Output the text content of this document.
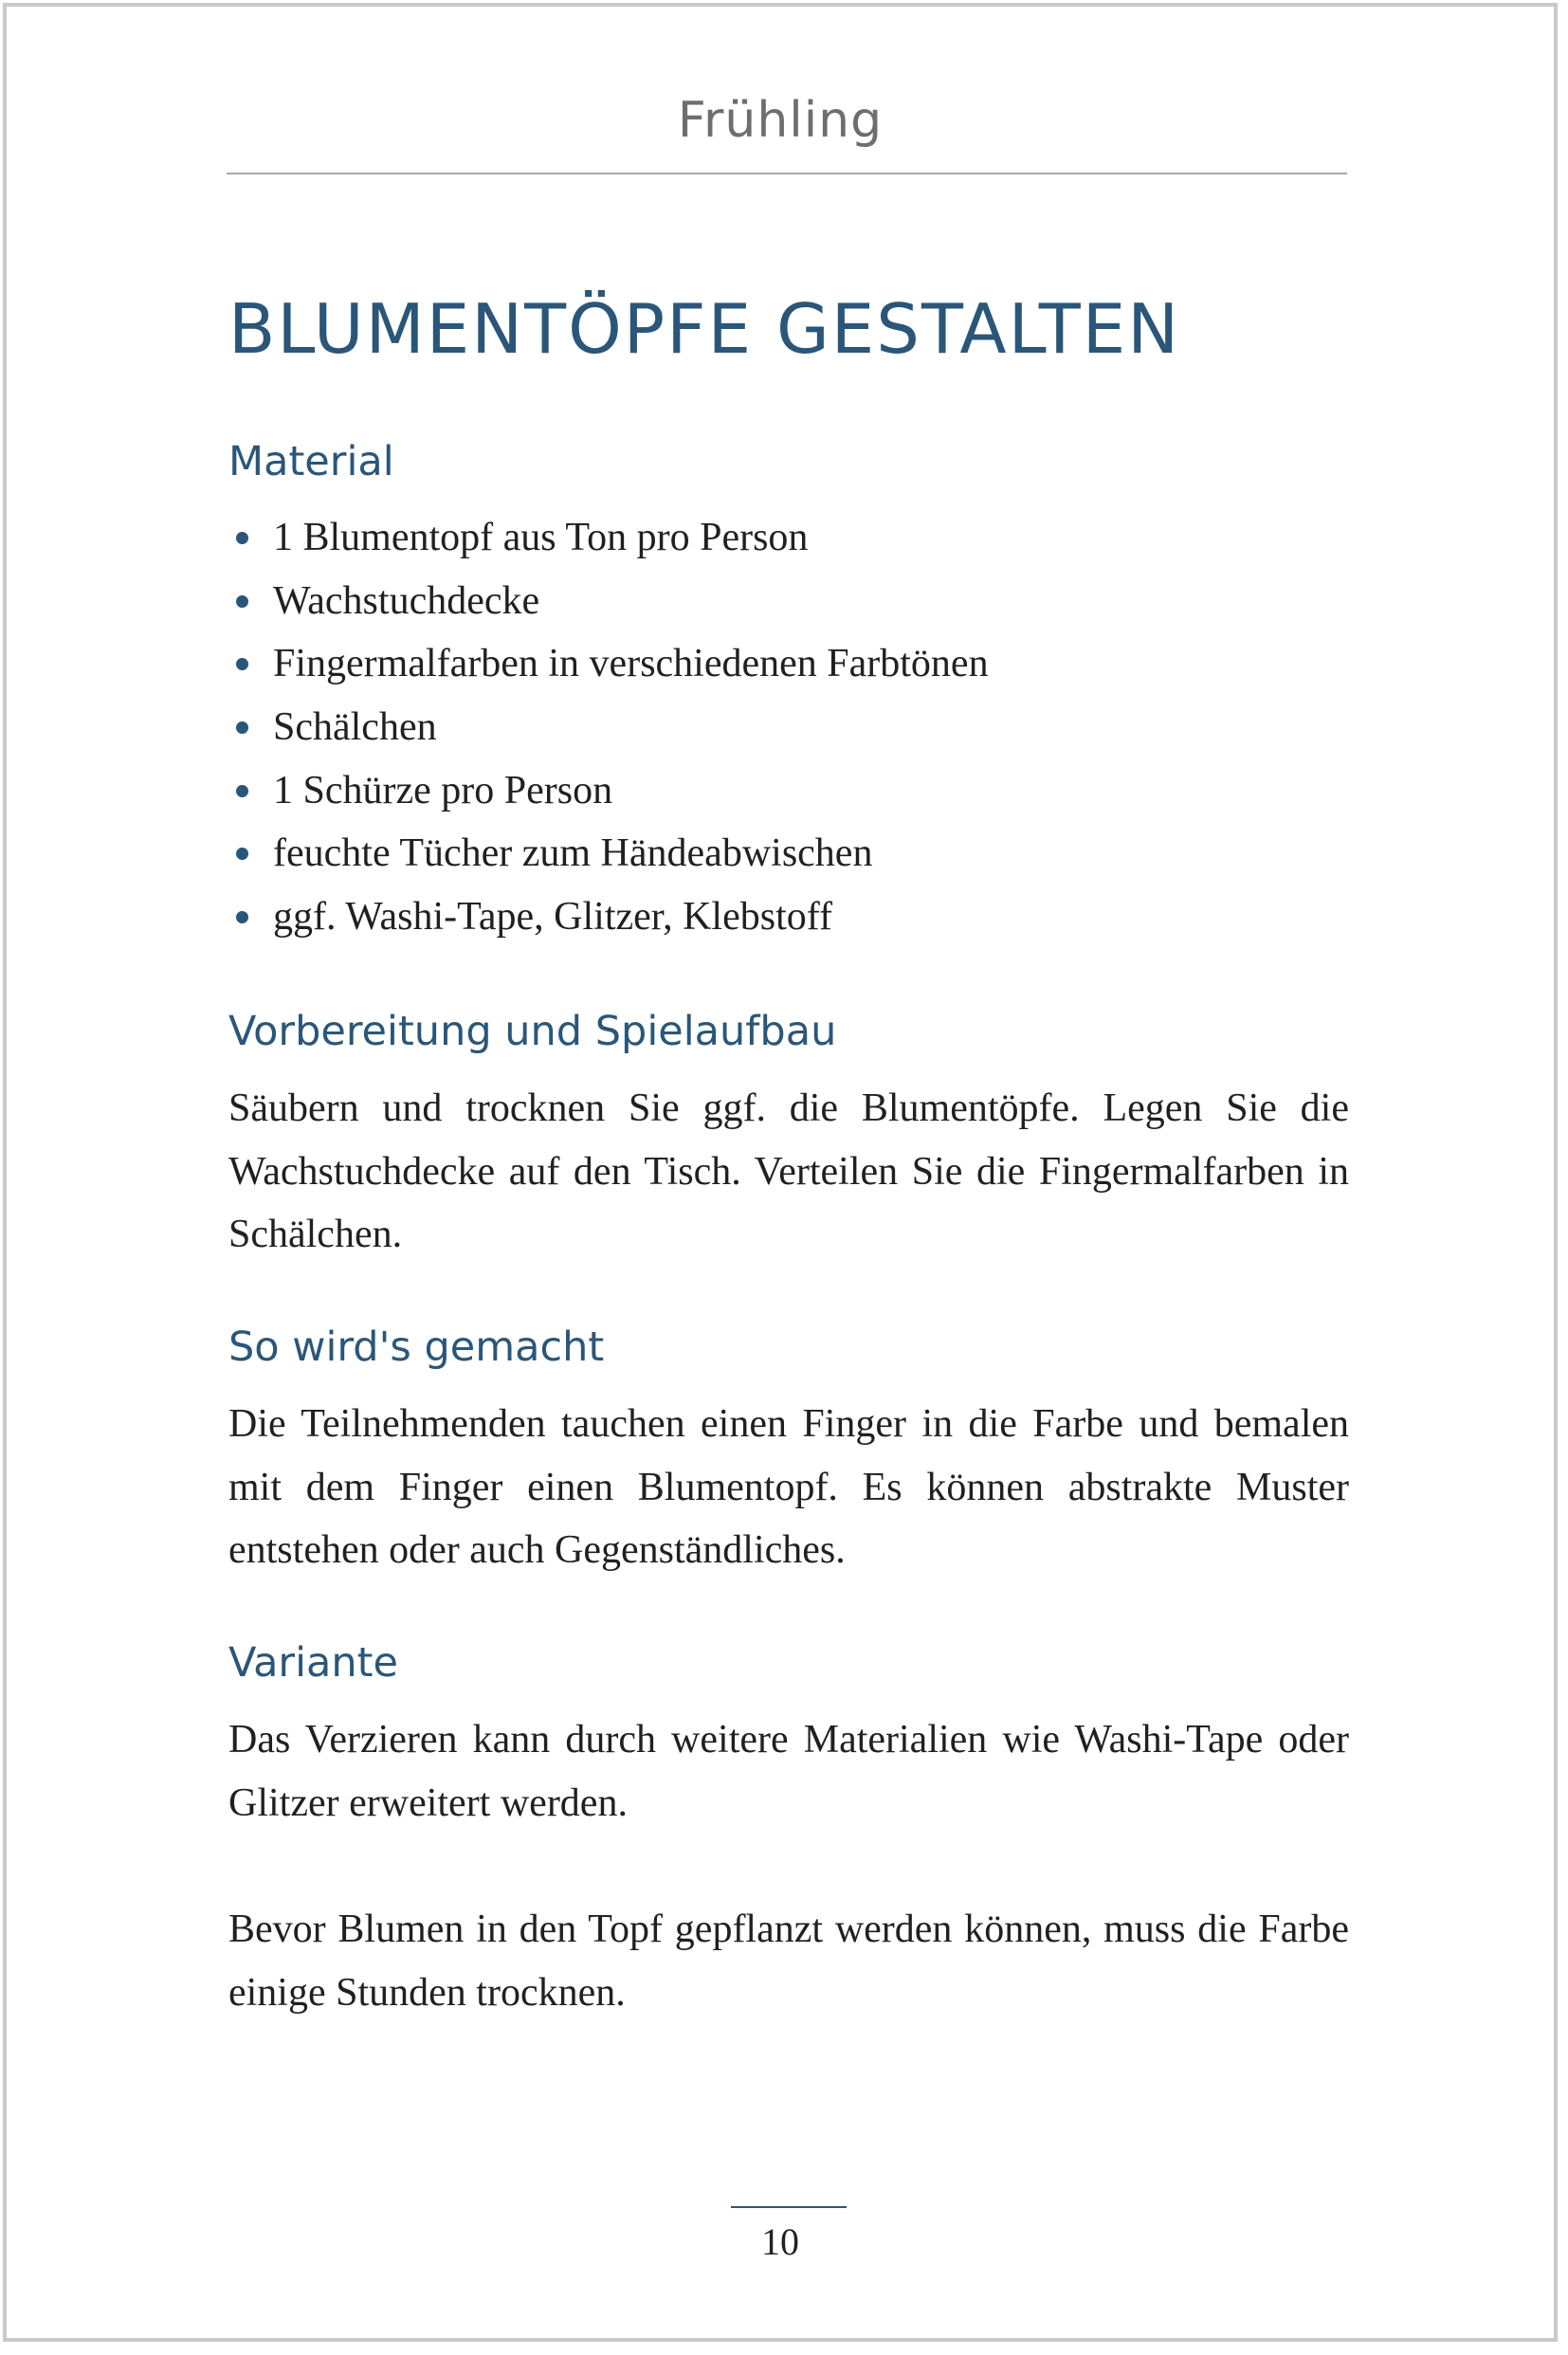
Frühling
BLUMENTÖPFE GESTALTEN
Material
1 Blumentopf aus Ton pro Person
Wachstuchdecke
Fingermalfarben in verschiedenen Farbtönen
Schälchen
1 Schürze pro Person
feuchte Tücher zum Händeabwischen
ggf. Washi-Tape, Glitzer, Klebstoff
Vorbereitung und Spielaufbau

Säubern und trocknen Sie ggf. die Blumentöpfe. Legen Sie die Wachstuchdecke auf den Tisch. Verteilen Sie die Fingermalfarben in Schälchen.

So wird's gemacht

Die Teilnehmenden tauchen einen Finger in die Farbe und bemalen mit dem Finger einen Blumentopf. Es können abstrakte Muster entstehen oder auch Gegenständliches.

Variante

Das Verzieren kann durch weitere Materialien wie Washi-Tape oder Glitzer erweitert werden.

Bevor Blumen in den Topf gepflanzt werden können, muss die Farbe einige Stunden trocknen.

10
